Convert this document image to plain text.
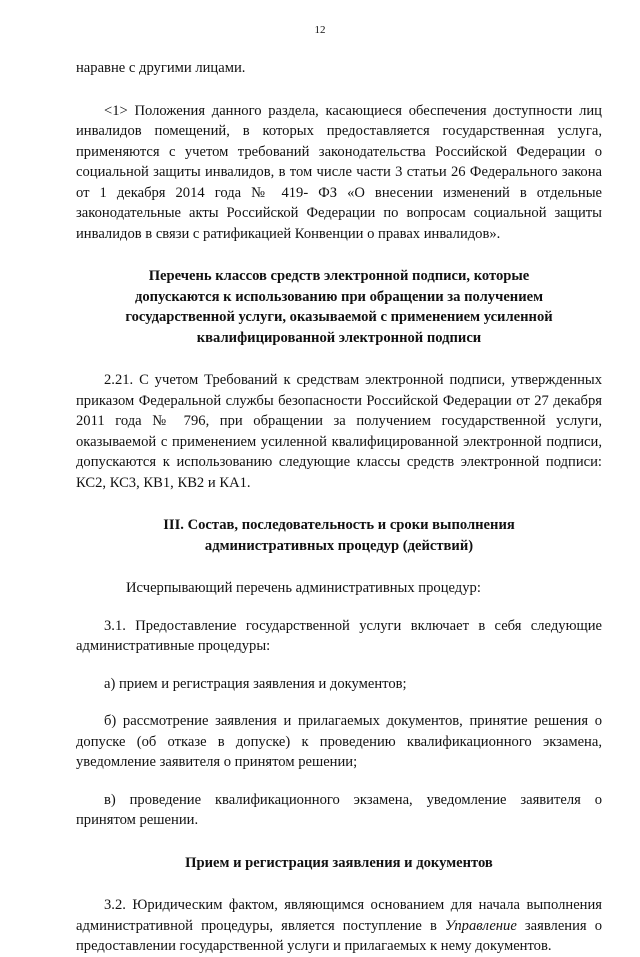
12

наравне с другими лицами.

<1> Положения данного раздела, касающиеся обеспечения доступности лиц инвалидов помещений, в которых предоставляется государственная услуга, применяются с учетом требований законодательства Российской Федерации о социальной защиты инвалидов, в том числе части 3 статьи 26 Федерального закона от 1 декабря 2014 года № 419- ФЗ «О внесении изменений в отдельные законодательные акты Российской Федерации по вопросам социальной защиты инвалидов в связи с ратификацией Конвенции о правах инвалидов».

Перечень классов средств электронной подписи, которые допускаются к использованию при обращении за получением государственной услуги, оказываемой с применением усиленной квалифицированной электронной подписи

2.21. С учетом Требований к средствам электронной подписи, утвержденных приказом Федеральной службы безопасности Российской Федерации от 27 декабря 2011 года № 796, при обращении за получением государственной услуги, оказываемой с применением усиленной квалифицированной электронной подписи, допускаются к использованию следующие классы средств электронной подписи: КС2, КС3, КВ1, КВ2 и КА1.

III. Состав, последовательность и сроки выполнения
административных процедур (действий)

Исчерпывающий перечень административных процедур:

3.1. Предоставление государственной услуги включает в себя следующие административные процедуры:

а) прием и регистрация заявления и документов;

б) рассмотрение заявления и прилагаемых документов, принятие решения о допуске (об отказе в допуске) к проведению квалификационного экзамена, уведомление заявителя о принятом решении;

в) проведение квалификационного экзамена, уведомление заявителя о принятом решении.

Прием и регистрация заявления и документов

3.2. Юридическим фактом, являющимся основанием для начала выполнения административной процедуры, является поступление в Управление заявления о предоставлении государственной услуги и прилагаемых к нему документов.
